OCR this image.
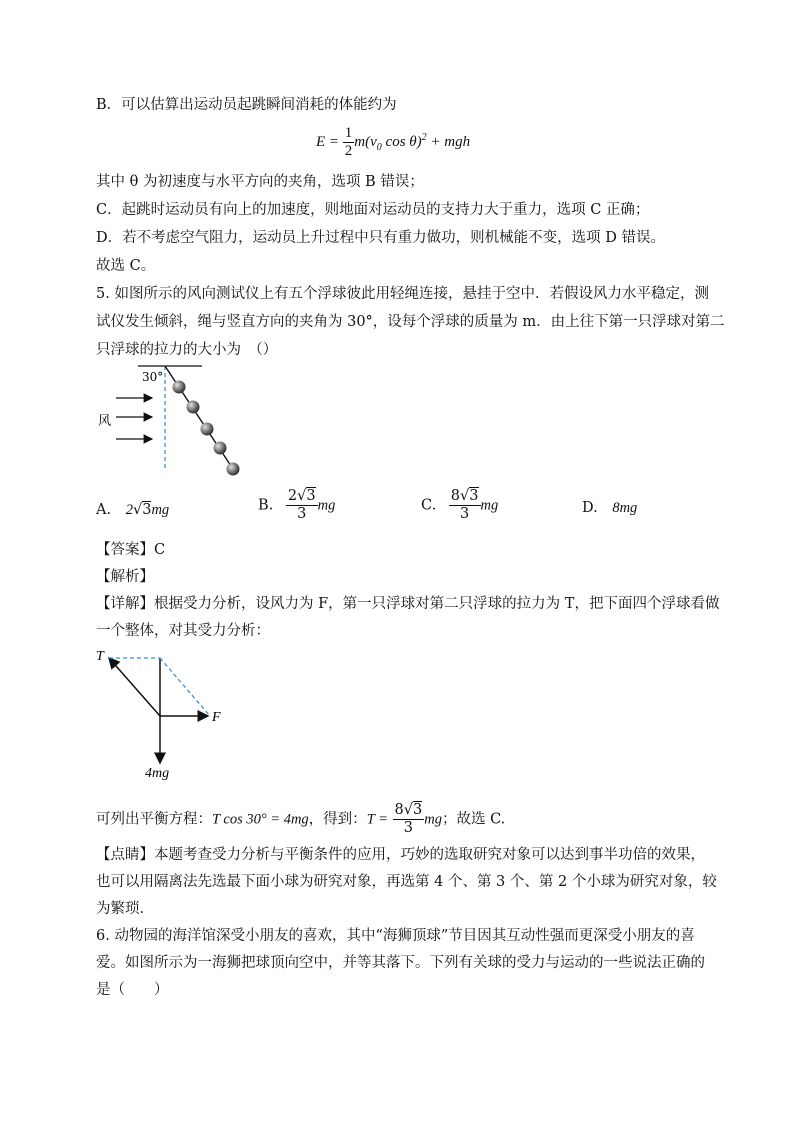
B．可以估算出运动员起跳瞬间消耗的体能约为
$E = \frac{1}{2} m(v_0$ cos θ)$^2$ + mgh
其中 θ 为初速度与水平方向的夹角，选项 B 错误；
C．起跳时运动员有向上的加速度，则地面对运动员的支持力大于重力，选项 C 正确；
D．若不考虑空气阻力，运动员上升过程中只有重力做功，则机械能不变，选项 D 错误。
故选 C。
5. 如图所示的风向测试仪上有五个浮球彼此用轻绳连接，悬挂于空中．若假设风力水平稳定，测
试仪发生倾斜，绳与竖直方向的夹角为 30°，设每个浮球的质量为 m．由上往下第一只浮球对第二
只浮球的拉力的大小为　（）
30°
风
A. 2√3mg	B. $\frac{2√3}{3}$ mg	C. $\frac{8√3}{3}$ mg	D. 8mg
【答案】C
【解析】
【详解】根据受力分析，设风力为 F，第一只浮球对第二只浮球的拉力为 T，把下面四个浮球看做
一个整体，对其受力分析：
T
F
4mg
可列出平衡方程：T cos 30° = 4mg，得到：$T = \frac{8√3}{3}$ mg；故选 C.
【点睛】本题考查受力分析与平衡条件的应用，巧妙的选取研究对象可以达到事半功倍的效果，
也可以用隔离法先选最下面小球为研究对象，再选第 4 个、第 3 个、第 2 个小球为研究对象，较
为繁琐．
6. 动物园的海洋馆深受小朋友的喜欢，其中“海狮顶球”节目因其互动性强而更深受小朋友的喜
爱。如图所示为一海狮把球顶向空中，并等其落下。下列有关球的受力与运动的一些说法正确的
是（　　）
